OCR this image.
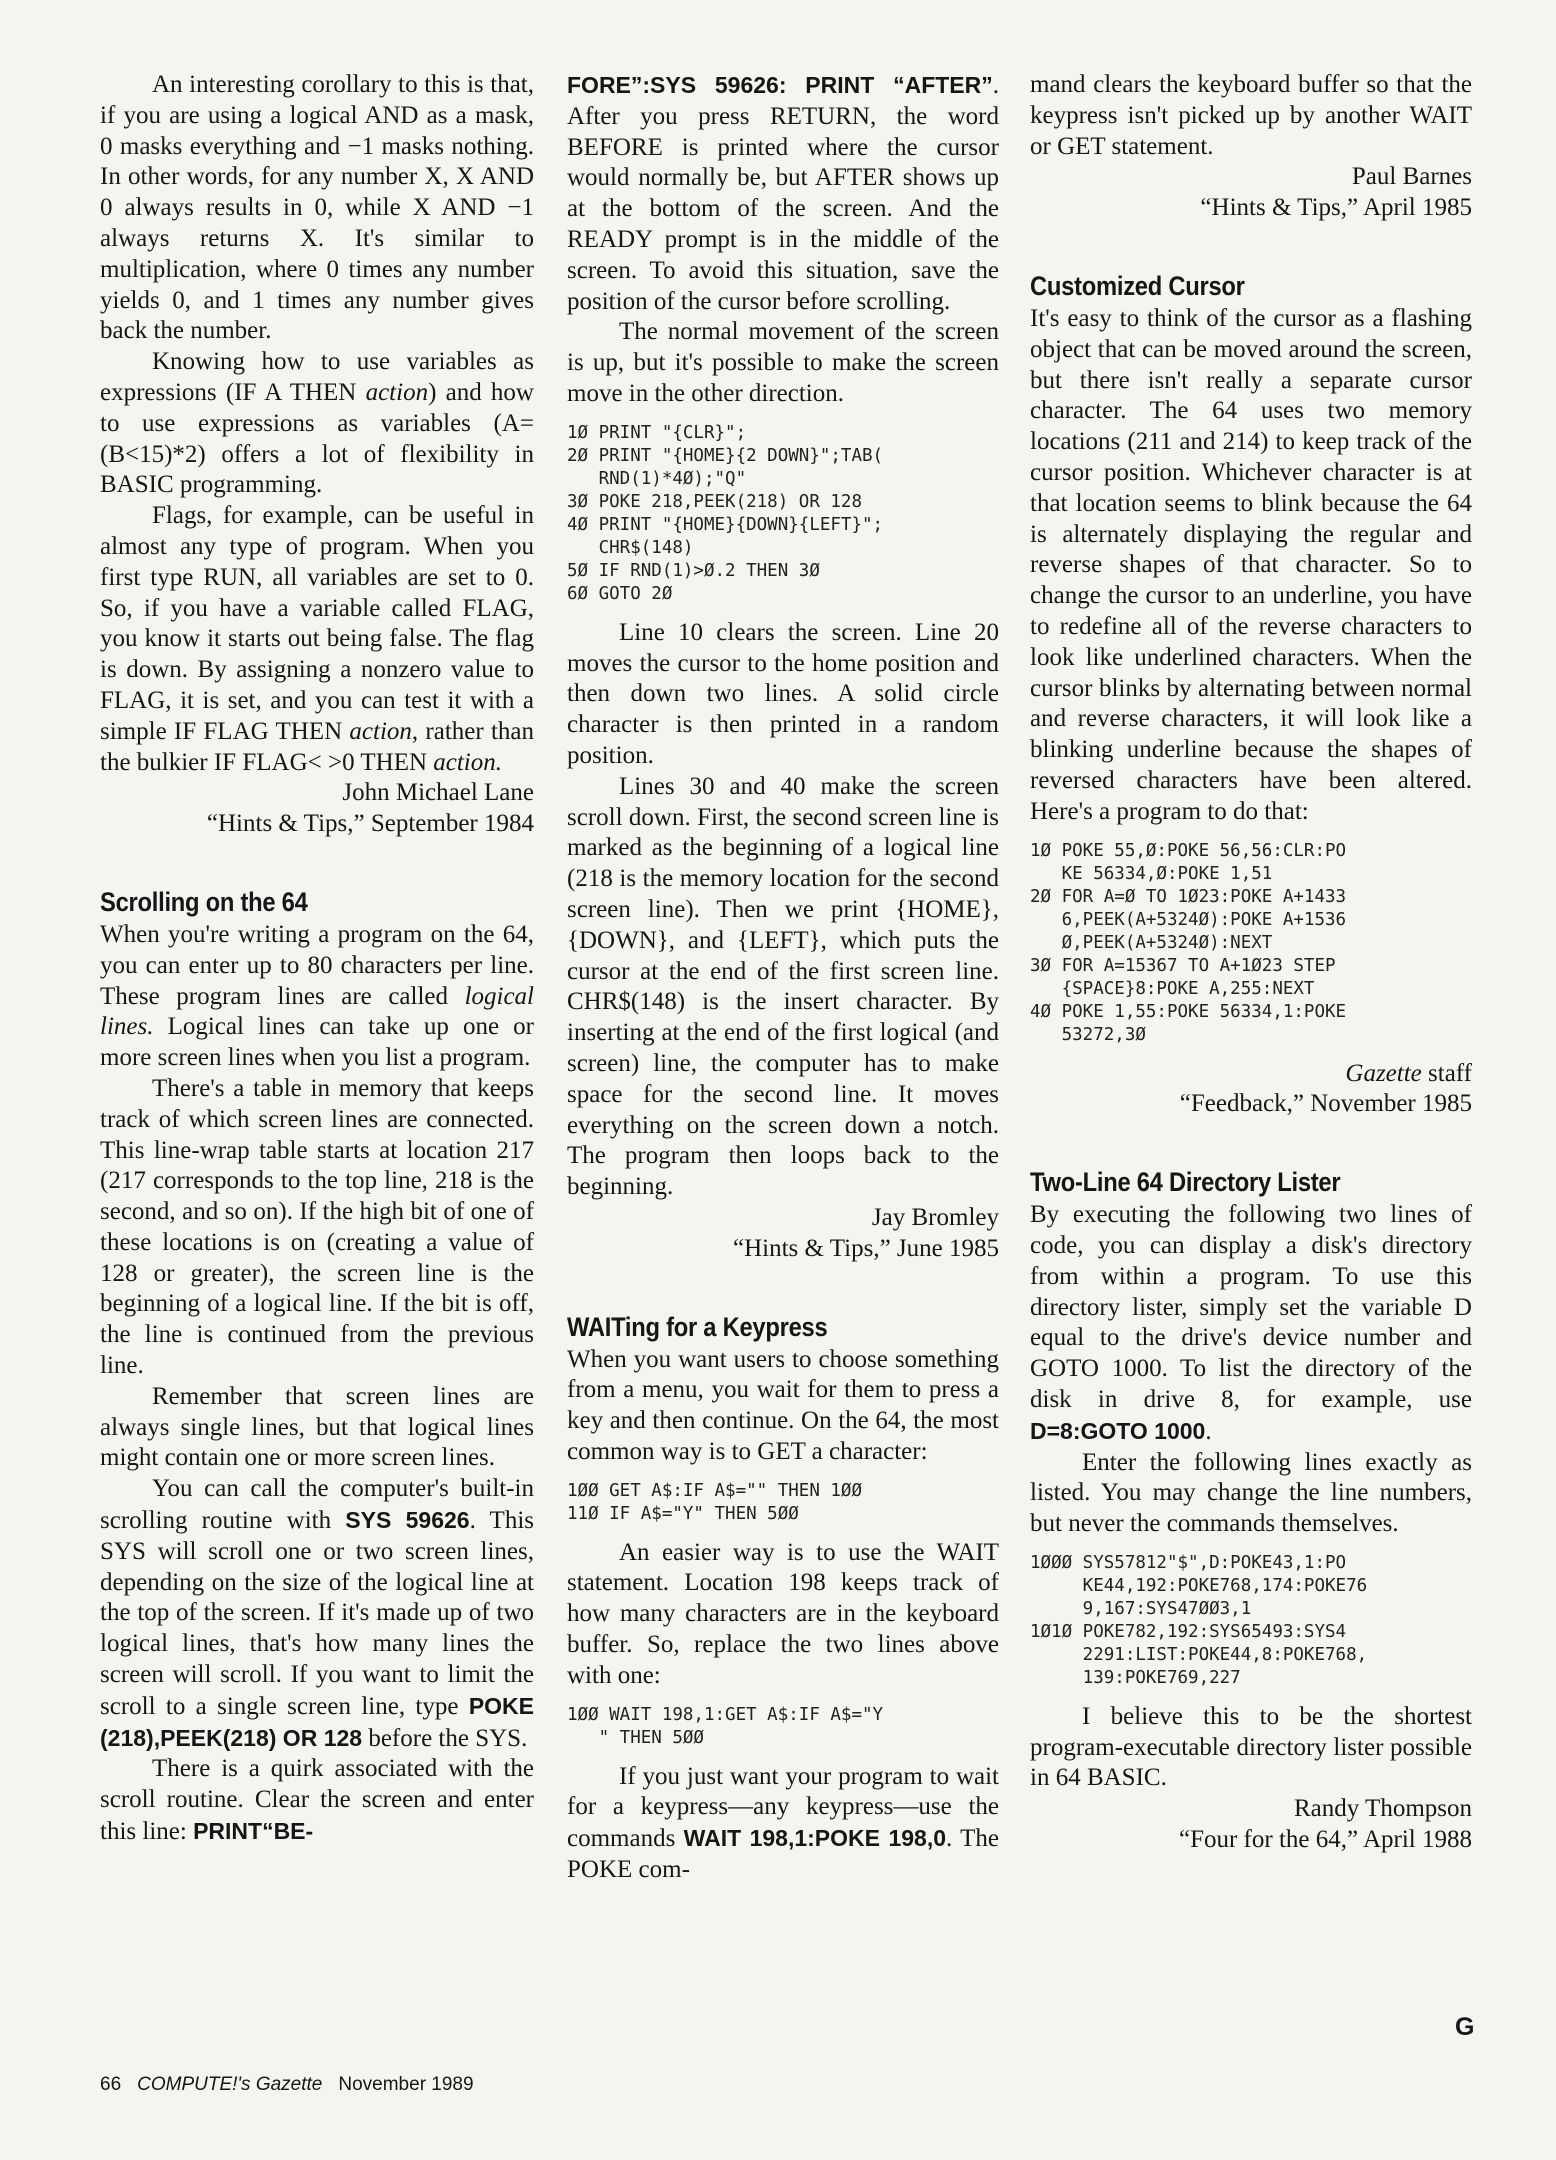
An interesting corollary to this is that, if you are using a logical AND as a mask, 0 masks everything and −1 masks nothing. In other words, for any number X, X AND 0 always results in 0, while X AND −1 always returns X. It's similar to multiplication, where 0 times any number yields 0, and 1 times any number gives back the number.

Knowing how to use variables as expressions (IF A THEN action) and how to use expressions as variables (A=(B<15)*2) offers a lot of flexibility in BASIC programming.

Flags, for example, can be useful in almost any type of program. When you first type RUN, all variables are set to 0. So, if you have a variable called FLAG, you know it starts out being false. The flag is down. By assigning a nonzero value to FLAG, it is set, and you can test it with a simple IF FLAG THEN action, rather than the bulkier IF FLAG< >0 THEN action.

John Michael Lane
“Hints & Tips,” September 1984
Scrolling on the 64

When you're writing a program on the 64, you can enter up to 80 characters per line. These program lines are called logical lines. Logical lines can take up one or more screen lines when you list a program.

There's a table in memory that keeps track of which screen lines are connected. This line-wrap table starts at location 217 (217 corresponds to the top line, 218 is the second, and so on). If the high bit of one of these locations is on (creating a value of 128 or greater), the screen line is the beginning of a logical line. If the bit is off, the line is continued from the previous line.

Remember that screen lines are always single lines, but that logical lines might contain one or more screen lines.

You can call the computer's built-in scrolling routine with SYS 59626. This SYS will scroll one or two screen lines, depending on the size of the logical line at the top of the screen. If it's made up of two logical lines, that's how many lines the screen will scroll. If you want to limit the scroll to a single screen line, type POKE (218),PEEK(218) OR 128 before the SYS.

There is a quirk associated with the scroll routine. Clear the screen and enter this line: PRINT“BE-

FORE”:SYS 59626: PRINT “AFTER”. After you press RETURN, the word BEFORE is printed where the cursor would normally be, but AFTER shows up at the bottom of the screen. And the READY prompt is in the middle of the screen. To avoid this situation, save the position of the cursor before scrolling.

The normal movement of the screen is up, but it's possible to make the screen move in the other direction.

1Ø PRINT "{CLR}";
2Ø PRINT "{HOME}{2 DOWN}";TAB(
RND(1)*4Ø);"Q"
3Ø POKE 218,PEEK(218) OR 128
4Ø PRINT "{HOME}{DOWN}{LEFT}";
CHR$(148)
5Ø IF RND(1)>Ø.2 THEN 3Ø
6Ø GOTO 2Ø

Line 10 clears the screen. Line 20 moves the cursor to the home position and then down two lines. A solid circle character is then printed in a random position.

Lines 30 and 40 make the screen scroll down. First, the second screen line is marked as the beginning of a logical line (218 is the memory location for the second screen line). Then we print {HOME}, {DOWN}, and {LEFT}, which puts the cursor at the end of the first screen line. CHR$(148) is the insert character. By inserting at the end of the first logical (and screen) line, the computer has to make space for the second line. It moves everything on the screen down a notch. The program then loops back to the beginning.

Jay Bromley
“Hints & Tips,” June 1985
WAITing for a Keypress

When you want users to choose something from a menu, you wait for them to press a key and then continue. On the 64, the most common way is to GET a character:

1ØØ GET A$:IF A$="" THEN 1ØØ
11Ø IF A$="Y" THEN 5ØØ

An easier way is to use the WAIT statement. Location 198 keeps track of how many characters are in the keyboard buffer. So, replace the two lines above with one:

1ØØ WAIT 198,1:GET A$:IF A$="Y
" THEN 5ØØ

If you just want your program to wait for a keypress—any keypress—use the commands WAIT 198,1:POKE 198,0. The POKE com-

mand clears the keyboard buffer so that the keypress isn't picked up by another WAIT or GET statement.

Paul Barnes
“Hints & Tips,” April 1985
Customized Cursor

It's easy to think of the cursor as a flashing object that can be moved around the screen, but there isn't really a separate cursor character. The 64 uses two memory locations (211 and 214) to keep track of the cursor position. Whichever character is at that location seems to blink because the 64 is alternately displaying the regular and reverse shapes of that character. So to change the cursor to an underline, you have to redefine all of the reverse characters to look like underlined characters. When the cursor blinks by alternating between normal and reverse characters, it will look like a blinking underline because the shapes of reversed characters have been altered. Here's a program to do that:

1Ø POKE 55,Ø:POKE 56,56:CLR:PO
KE 56334,Ø:POKE 1,51
2Ø FOR A=Ø TO 1Ø23:POKE A+1433
6,PEEK(A+5324Ø):POKE A+1536
Ø,PEEK(A+5324Ø):NEXT
3Ø FOR A=15367 TO A+1Ø23 STEP
{SPACE}8:POKE A,255:NEXT
4Ø POKE 1,55:POKE 56334,1:POKE
53272,3Ø
Gazette staff
“Feedback,” November 1985
Two-Line 64 Directory Lister

By executing the following two lines of code, you can display a disk's directory from within a program. To use this directory lister, simply set the variable D equal to the drive's device number and GOTO 1000. To list the directory of the disk in drive 8, for example, use D=8:GOTO 1000.

Enter the following lines exactly as listed. You may change the line numbers, but never the commands themselves.

1ØØØ SYS57812"$",D:POKE43,1:PO
KE44,192:POKE768,174:POKE76
9,167:SYS47ØØ3,1
1Ø1Ø POKE782,192:SYS65493:SYS4
2291:LIST:POKE44,8:POKE768,
139:POKE769,227

I believe this to be the shortest program-executable directory lister possible in 64 BASIC.

Randy Thompson
“Four for the 64,” April 1988
G
66 COMPUTE!'s Gazette November 1989
